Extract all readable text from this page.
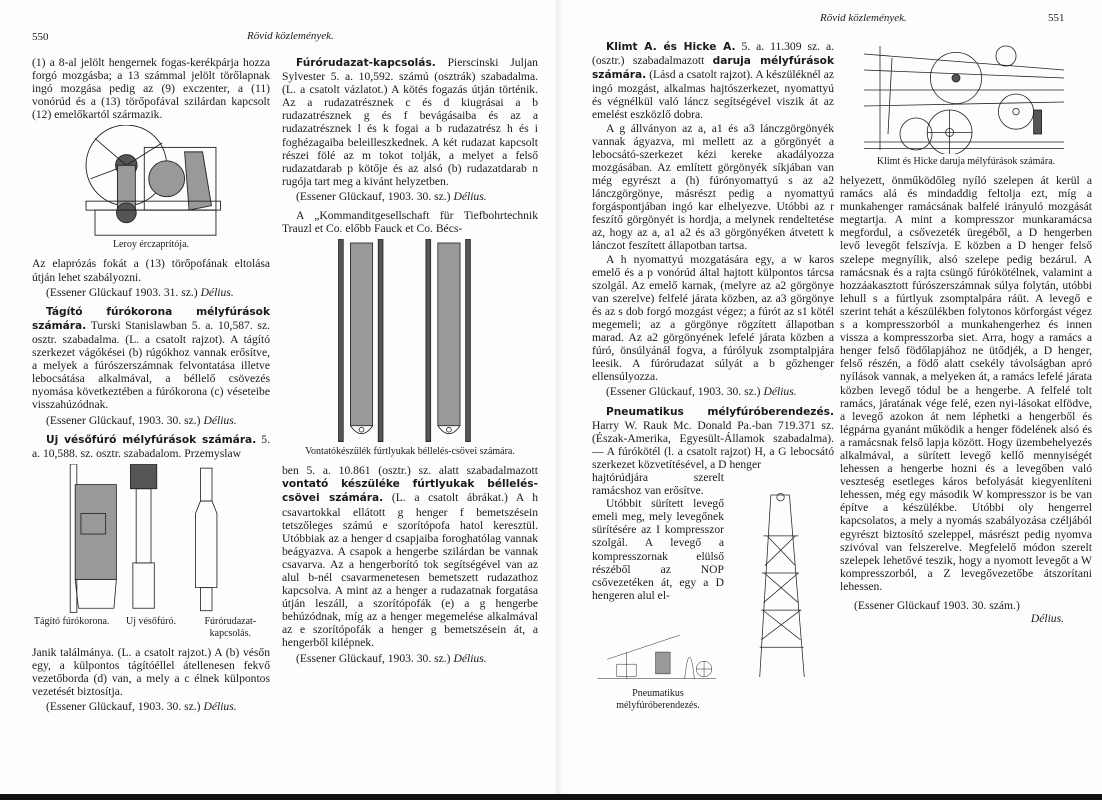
550	Rövid közlemények.

(1) a 8-al jelölt hengernek fogas-kerékpárja hozza forgó mozgásba; a 13 számmal jelölt törőlapnak ingó mozgása pedig az (9) exczenter, a (11) vonórúd és a (13) törőpofával szilárdan kapcsolt (12) emelőkartól származik.

Leroy érczaprítója.

Az elaprózás fokát a (13) törőpofának eltolása útján lehet szabályozni.

(Essener Glückauf 1903. 31. sz.) Délius.

Tágító fúrókorona mélyfúrások számára. Turski Stanislawban 5. a. 10,587. sz. osztr. szabadalma. (L. a csatolt rajzot). A tágító szerkezet vágókései (b) rúgókhoz vannak erősítve, a melyek a fúrószerszámnak felvontatása illetve lebocsátása alkalmával, a béllelő csövezés nyomása következtében a fúrókorona (c) véseteibe visszahúzódnak.

(Essener Glückauf, 1903. 30. sz.) Délius.

Uj vésőfúró mélyfúrások számára. 5. a. 10,588. sz. osztr. szabadalom. Przemyslaw

Tágító fúrókorona.	Uj vésőfúró.	Fúrórudazat-kapcsolás.

Janik találmánya. (L. a csatolt rajzot.) A (b) vésőn egy, a külpontos tágítóéllel átellenesen fekvő vezetőborda (d) van, a mely a c élnek külpontos vezetését biztosítja.

(Essener Glückauf, 1903. 30. sz.) Délius.

Fúrórudazat-kapcsolás. Pierscinski Juljan Sylvester 5. a. 10,592. számú (osztrák) szabadalma. (L. a csatolt vázlatot.) A kötés fogazás útján történik. Az a rudazatrésznek c és d kiugrásai a b rudazatrésznek g és f bevágásaiba és az a rudazatrésznek l és k fogai a b rudazatrész h és i foghézagaiba beleilleszkednek. A két rudazat kapcsolt részei fölé az m tokot tolják, a melyet a felső rudazatdarab p kötője és az alsó (b) rudazatdarab n rugója tart meg a kivánt helyzetben.

(Essener Glückauf, 1903. 30. sz.) Délius.

A „Kommanditgesellschaft für Tiefbohrtechnik Trauzl et Co. előbb Fauck et Co. Bécs-

Vontatókészülék fúrtlyukak béllelés-csövei számára.

ben 5. a. 10.861 (osztr.) sz. alatt szabadalmazott vontató készüléke fúrtlyukak béllelés-csövei számára. (L. a csatolt ábrákat.) A h csavartokkal ellátott g henger f bemetszésein tetszőleges számú e szorítópofa hatol keresztül. Utóbbiak az a henger d csapjaiba foroghatólag vannak beágyazva. A csapok a hengerbe szilárdan be vannak csavarva. Az a hengerborító tok segítségével van az alul b-nél csavarmenetesen bemetszett rudazathoz kapcsolva. A mint az a henger a rudazatnak forgatása útján leszáll, a szorítópofák (e) a g hengerbe behúzódnak, míg az a henger megemelése alkalmával az e szorítópofák a henger g bemetszésein át, a hengerből kilépnek.

(Essener Glückauf, 1903. 30. sz.) Délius.

Rövid közlemények.	551

Klimt A. és Hicke A. 5. a. 11.309 sz. a. (osztr.) szabadalmazott daruja mélyfúrások számára. (Lásd a csatolt rajzot). A készüléknél az ingó mozgást, alkalmas hajtószerkezet, nyomattyú és végnélkül való láncz segítségével viszik át az emelést eszközlő dobra.

A g állványon az a, a1 és a3 lánczgörgönyék vannak ágyazva, mi mellett az a görgönyét a lebocsátó-szerkezet kézi kereke akadályozza mozgásában. Az említett görgönyék síkjában van még egyrészt a (h) fúrónyomattyú s az a2 lánczgörgönye, másrészt pedig a nyomattyú forgáspontjában ingó kar elhelyezve. Utóbbi az r feszítő görgönyét is hordja, a melynek rendeltetése az, hogy az a, a1 a2 és a3 görgönyéken átvetett k lánczot feszített állapotban tartsa.

A h nyomattyú mozgatására egy, a w karos emelő és a p vonórúd által hajtott külpontos tárcsa szolgál. Az emelő karnak, (melyre az a2 görgönye van szerelve) felfelé járata közben, az a3 görgönye és az s dob forgó mozgást végez; a fúrót az s1 kötél megemeli; az a görgönye rögzített állapotban marad. Az a2 görgönyének lefelé járata közben a fúró, önsúlyánál fogva, a fúrólyuk zsomptalpjára leesik. A fúrórudazat súlyát a b gőzhenger ellensúlyozza.

(Essener Glückauf, 1903. 30. sz.) Délius.

Pneumatikus mélyfúróberendezés. Harry W. Rauk Mc. Donald Pa.-ban 719.371 sz. (Észak-Amerika, Egyesült-Államok szabadalma). — A fúrókötél (l. a csatolt rajzot) H, a G lebocsátó szerkezet közvetítésével, a D henger

hajtórúdjára szerelt ramácshoz van erősítve.

Utóbbit sürített levegő emeli meg, mely levegőnek sürítésére az I kompresszor szolgál. A levegő a kompresszornak elülső részéből az NOP csővezetéken át, egy a D hengeren alul el-

Pneumatikus mélyfúróberendezés.
Klimt és Hicke daruja mélyfúrások számára.

helyezett, önműködőleg nyíló szelepen át kerül a ramács alá és mindaddig feltolja ezt, míg a munkahenger ramácsának balfelé irányuló mozgását megtartja. A mint a kompresszor munkaramácsa megfordul, a csővezeték üregéből, a D hengerben levő levegőt felszívja. E közben a D henger felső szelepe megnyílik, alsó szelepe pedig bezárul. A ramácsnak és a rajta csüngő fúrókötélnek, valamint a hozzáakasztott fúrószerszámnak súlya folytán, utóbbi lehull s a fúrtlyuk zsomptalpára ráüt. A levegő e szerint tehát a készülékben folytonos körforgást végez s a kompresszorból a munkahengerhez és innen vissza a kompresszorba siet. Arra, hogy a ramács a henger felső födőlapjához ne ütődjék, a D henger, felső részén, a födő alatt csekély távolságban apró nyílások vannak, a melyeken át, a ramács lefelé járata közben levegő tódul be a hengerbe. A felfelé tolt ramács, járatának vége felé, ezen nyi-lásokat elfödve, a levegő azokon át nem léphetki a hengerből és légpárna gyanánt működik a henger födelének alsó és a ramácsnak felső lapja között. Hogy üzembehelyezés alkalmával, a sürített levegő kellő mennyiségét lehessen a hengerbe hozni és a levegőben való veszteség esetleges káros befolyását kiegyenlíteni lehessen, még egy második W kompresszor is be van építve a készülékbe. Utóbbi oly hengerrel kapcsolatos, a mely a nyomás szabályozása czéljából egyrészt biztosító szeleppel, másrészt pedig nyomva szivóval van felszerelve. Megfelelő módon szerelt szelepek lehetővé teszik, hogy a nyomott levegőt a W kompresszorból, a Z levegővezetőbe átszorítani lehessen.

(Essener Glückauf 1903. 30. szám.)

Délius.
